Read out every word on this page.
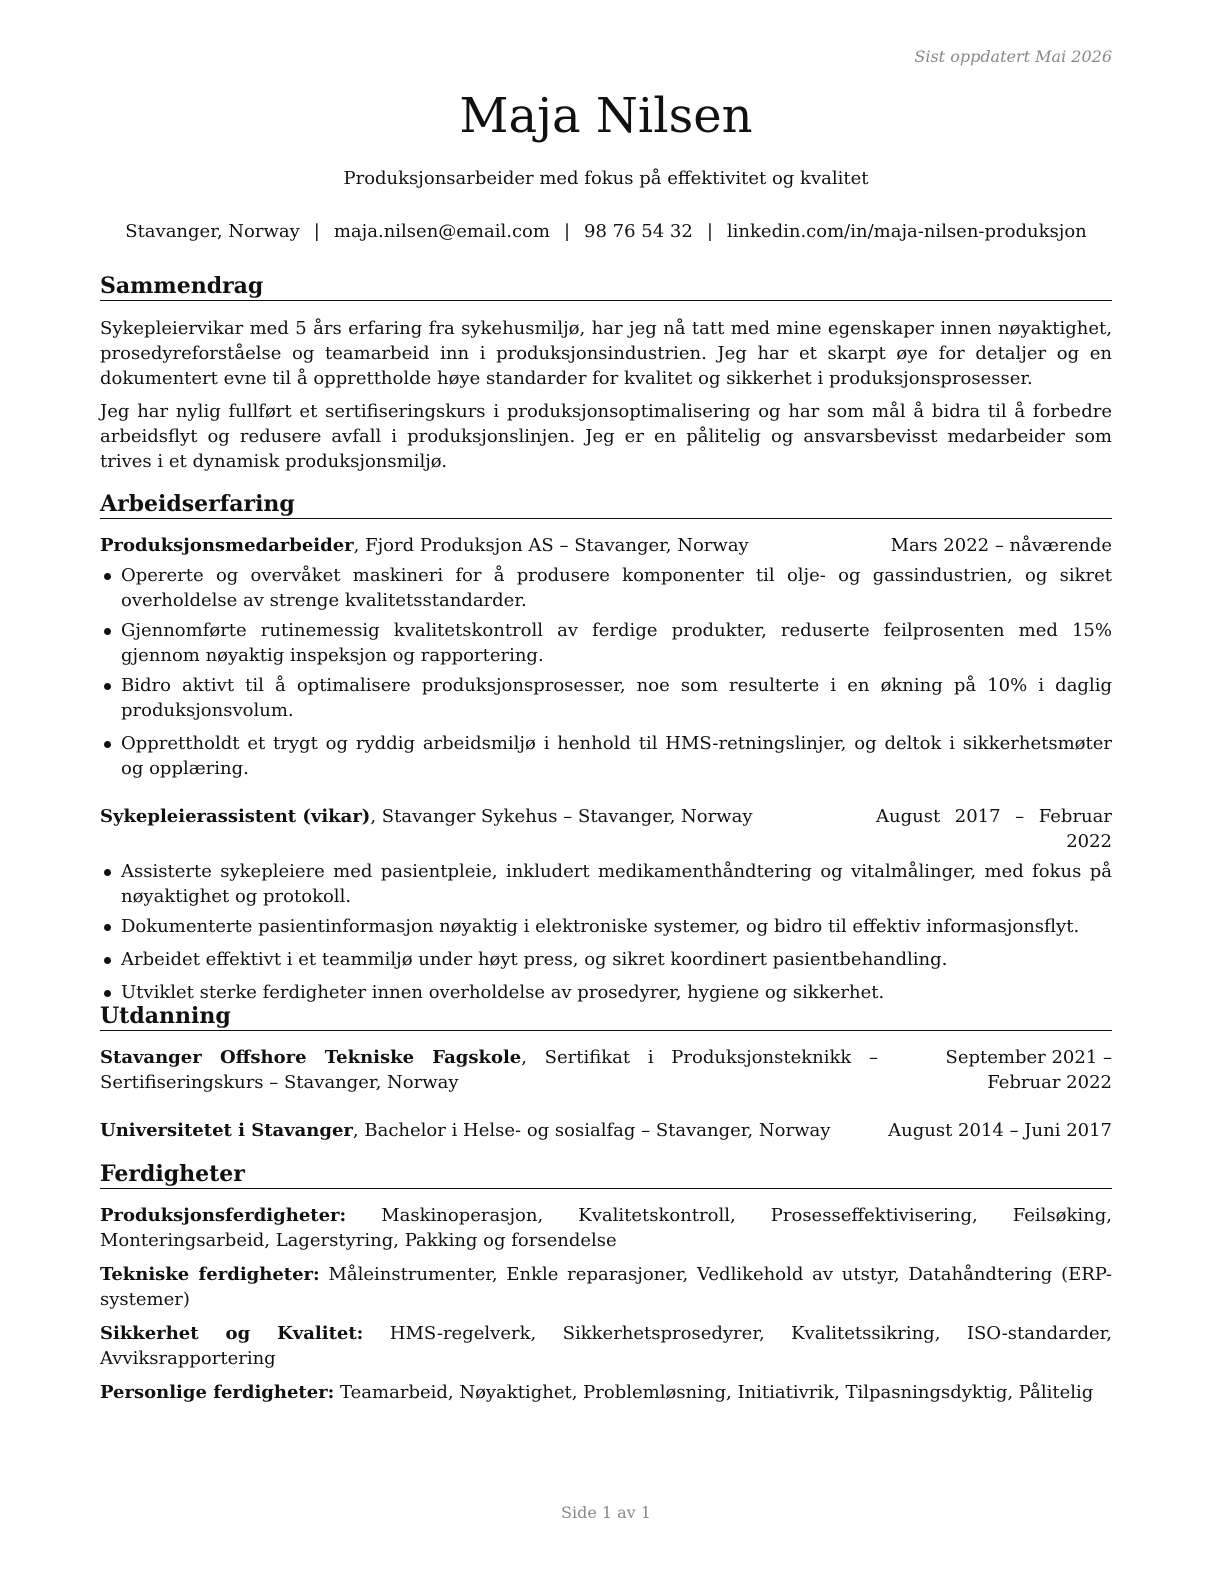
Sist oppdatert Mai 2026
Maja Nilsen
Produksjonsarbeider med fokus på effektivitet og kvalitet
Stavanger, Norway | maja.nilsen@email.com | 98 76 54 32 | linkedin.com/in/maja-nilsen-produksjon
Sammendrag

Sykepleiervikar med 5 års erfaring fra sykehusmiljø, har jeg nå tatt med mine egenskaper innen nøyaktighet, prosedyreforståelse og teamarbeid inn i produksjonsindustrien. Jeg har et skarpt øye for detaljer og en dokumentert evne til å opprettholde høye standarder for kvalitet og sikkerhet i produksjonsprosesser.

Jeg har nylig fullført et sertifiseringskurs i produksjonsoptimalisering og har som mål å bidra til å forbedre arbeidsflyt og redusere avfall i produksjonslinjen. Jeg er en pålitelig og ansvarsbevisst medarbeider som trives i et dynamisk produksjonsmiljø.

Arbeidserfaring
Produksjonsmedarbeider, Fjord Produksjon AS – Stavanger, Norway	Mars 2022 – nåværende
Opererte og overvåket maskineri for å produsere komponenter til olje- og gassindustrien, og sikret overholdelse av strenge kvalitetsstandarder.
Gjennomførte rutinemessig kvalitetskontroll av ferdige produkter, reduserte feilprosenten med 15% gjennom nøyaktig inspeksjon og rapportering.
Bidro aktivt til å optimalisere produksjonsprosesser, noe som resulterte i en økning på 10% i daglig produksjonsvolum.
Opprettholdt et trygt og ryddig arbeidsmiljø i henhold til HMS-retningslinjer, og deltok i sikkerhetsmøter og opplæring.
Sykepleierassistent (vikar), Stavanger Sykehus – Stavanger, Norway	August 2017 – Februar 2022
Assisterte sykepleiere med pasientpleie, inkludert medikamenthåndtering og vitalmålinger, med fokus på nøyaktighet og protokoll.
Dokumenterte pasientinformasjon nøyaktig i elektroniske systemer, og bidro til effektiv informasjonsflyt.
Arbeidet effektivt i et teammiljø under høyt press, og sikret koordinert pasientbehandling.
Utviklet sterke ferdigheter innen overholdelse av prosedyrer, hygiene og sikkerhet.
Utdanning
Stavanger Offshore Tekniske Fagskole, Sertifikat i Produksjonsteknikk – Sertifiseringskurs – Stavanger, Norway
September 2021 – Februar 2022
Universitetet i Stavanger, Bachelor i Helse- og sosialfag – Stavanger, Norway	August 2014 – Juni 2017
Ferdigheter

Produksjonsferdigheter: Maskinoperasjon, Kvalitetskontroll, Prosesseffektivisering, Feilsøking, Monteringsarbeid, Lagerstyring, Pakking og forsendelse

Tekniske ferdigheter: Måleinstrumenter, Enkle reparasjoner, Vedlikehold av utstyr, Datahåndtering (ERP-systemer)

Sikkerhet og Kvalitet: HMS-regelverk, Sikkerhetsprosedyrer, Kvalitetssikring, ISO-standarder, Avviksrapportering

Personlige ferdigheter: Teamarbeid, Nøyaktighet, Problemløsning, Initiativrik, Tilpasningsdyktig, Pålitelig

Side 1 av 1
